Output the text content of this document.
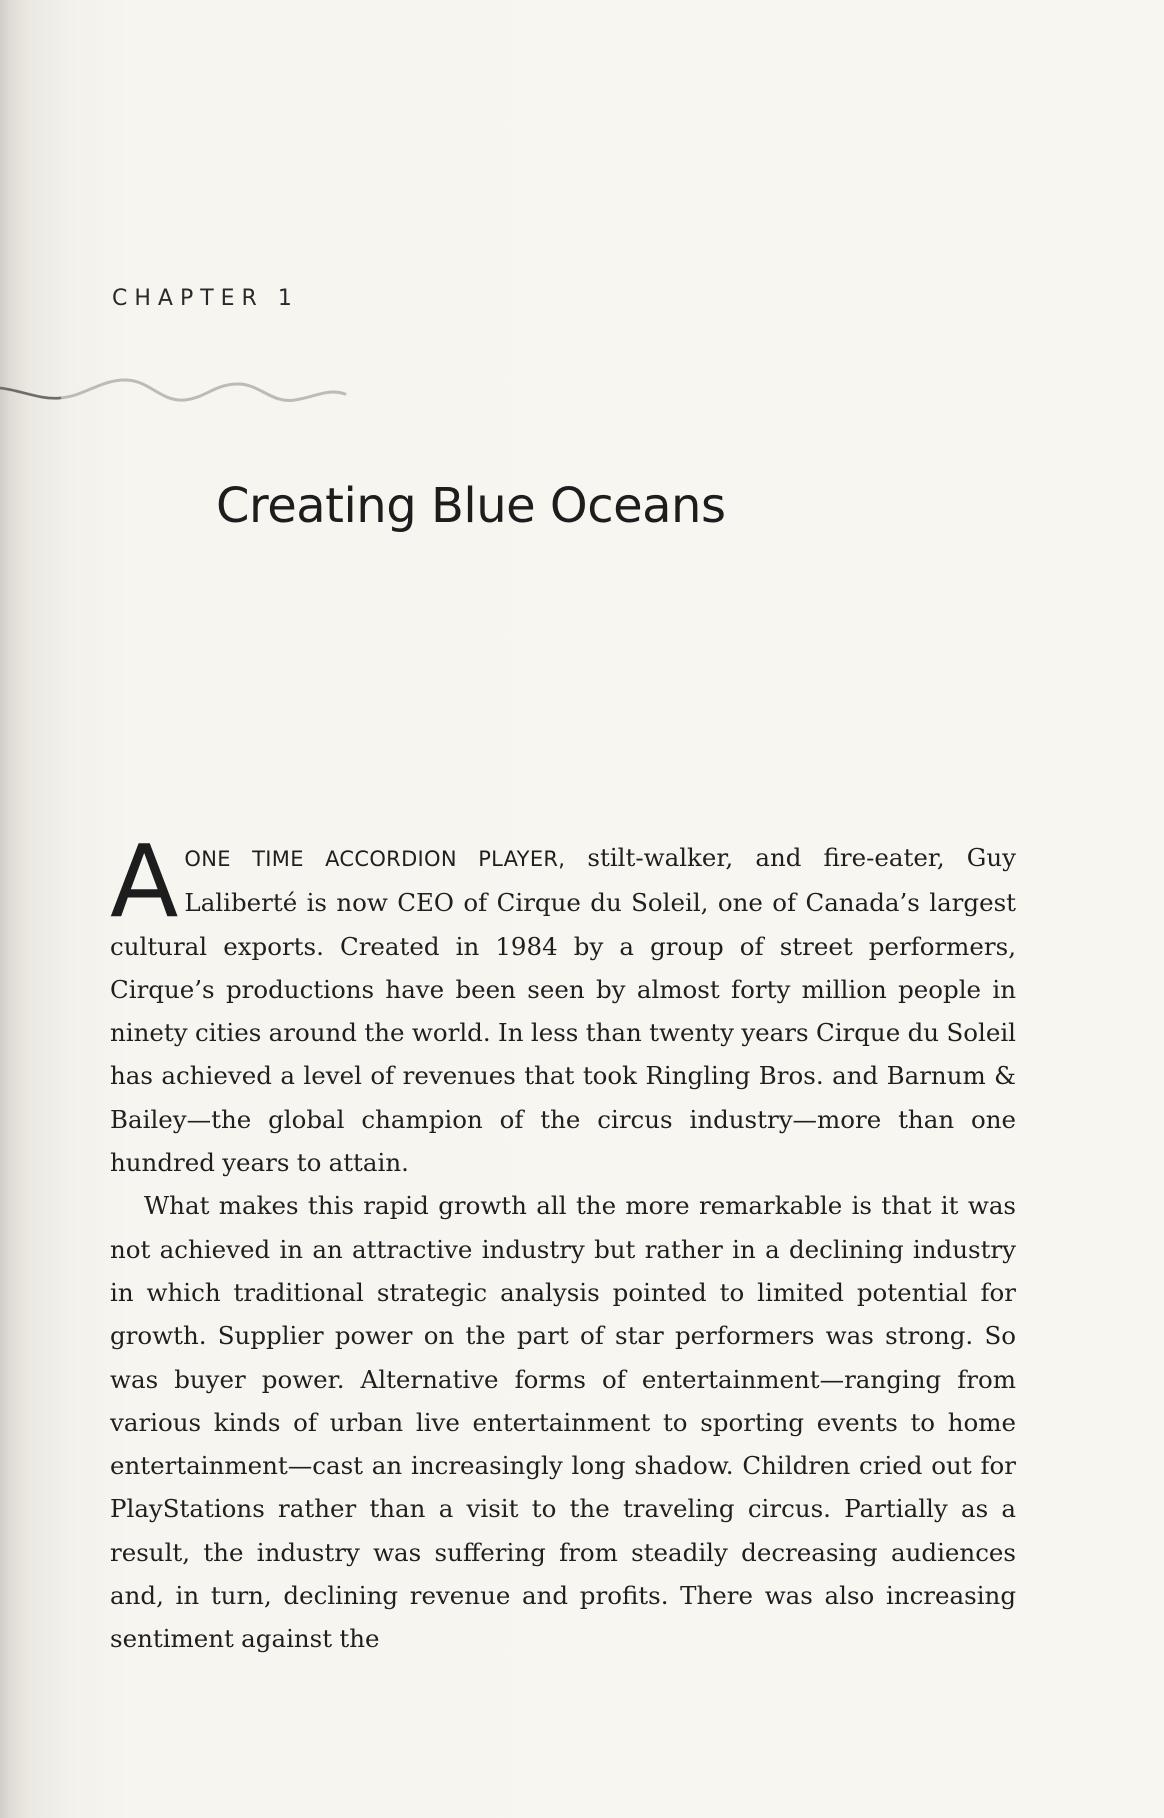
CHAPTER 1
Creating Blue Oceans

AONE TIME ACCORDION PLAYER, stilt-walker, and fire-eater, Guy Laliberté is now CEO of Cirque du Soleil, one of Canada’s largest cultural exports. Created in 1984 by a group of street performers, Cirque’s productions have been seen by almost forty million people in ninety cities around the world. In less than twenty years Cirque du Soleil has achieved a level of revenues that took Ringling Bros. and Barnum & Bailey—the global champion of the circus industry—more than one hundred years to attain.

What makes this rapid growth all the more remarkable is that it was not achieved in an attractive industry but rather in a declining industry in which traditional strategic analysis pointed to limited potential for growth. Supplier power on the part of star performers was strong. So was buyer power. Alternative forms of entertainment—ranging from various kinds of urban live entertainment to sporting events to home entertainment—cast an increasingly long shadow. Children cried out for PlayStations rather than a visit to the traveling circus. Partially as a result, the industry was suffering from steadily decreasing audiences and, in turn, declining revenue and profits. There was also increasing sentiment against the
